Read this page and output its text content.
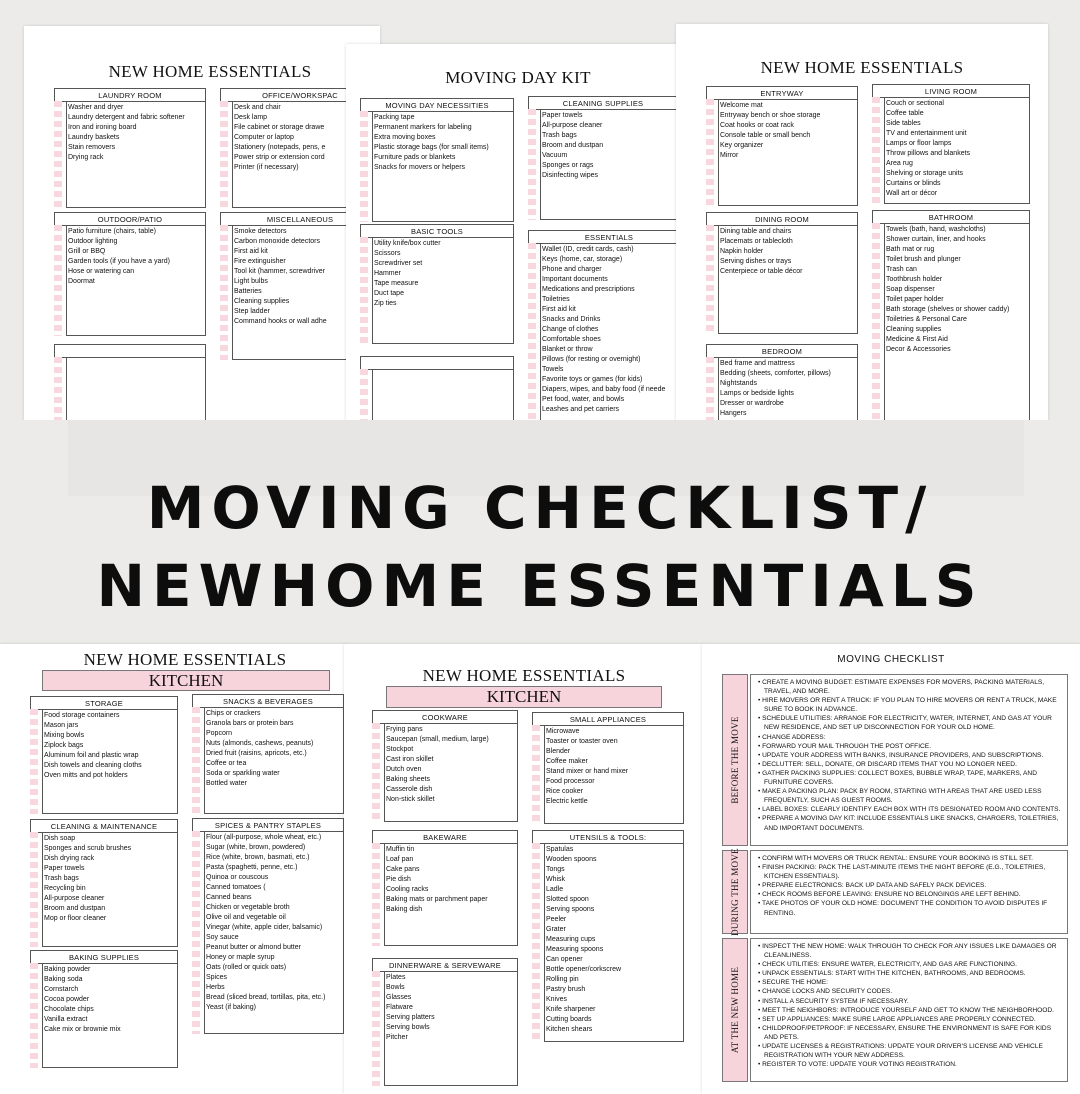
NEW HOME ESSENTIALS
LAUNDRY ROOM
Washer and dryer
Laundry detergent and fabric softener
Iron and ironing board
Laundry baskets
Stain removers
Drying rack
OFFICE/WORKSPAC
Desk and chair
Desk lamp
File cabinet or storage drawe
Computer or laptop
Stationery (notepads, pens, e
Power strip or extension cord
Printer (if necessary)
OUTDOOR/PATIO
Patio furniture (chairs, table)
Outdoor lighting
Grill or BBQ
Garden tools (if you have a yard)
Hose or watering can
Doormat
MISCELLANEOUS
Smoke detectors
Carbon monoxide detectors
First aid kit
Fire extinguisher
Tool kit (hammer, screwdriver
Light bulbs
Batteries
Cleaning supplies
Step ladder
Command hooks or wall adhe
MOVING DAY KIT
MOVING DAY NECESSITIES
Packing tape
Permanent markers for labeling
Extra moving boxes
Plastic storage bags (for small items)
Furniture pads or blankets
Snacks for movers or helpers
CLEANING SUPPLIES
Paper towels
All-purpose cleaner
Trash bags
Broom and dustpan
Vacuum
Sponges or rags
Disinfecting wipes
BASIC TOOLS
Utility knife/box cutter
Scissors
Screwdriver set
Hammer
Tape measure
Duct tape
Zip ties
ESSENTIALS
Wallet (ID, credit cards, cash)
Keys (home, car, storage)
Phone and charger
Important documents
Medications and prescriptions
Toiletries
First aid kit
Snacks and Drinks
Change of clothes
Comfortable shoes
Blanket or throw
Pillows (for resting or overnight)
Towels
Favorite toys or games (for kids)
Diapers, wipes, and baby food (if neede
Pet food, water, and bowls
Leashes and pet carriers
NEW HOME ESSENTIALS
ENTRYWAY
Welcome mat
Entryway bench or shoe storage
Coat hooks or coat rack
Console table or small bench
Key organizer
Mirror
LIVING ROOM
Couch or sectional
Coffee table
Side tables
TV and entertainment unit
Lamps or floor lamps
Throw pillows and blankets
Area rug
Shelving or storage units
Curtains or blinds
Wall art or décor
DINING ROOM
Dining table and chairs
Placemats or tablecloth
Napkin holder
Serving dishes or trays
Centerpiece or table décor
BATHROOM
Towels (bath, hand, washcloths)
Shower curtain, liner, and hooks
Bath mat or rug
Toilet brush and plunger
Trash can
Toothbrush holder
Soap dispenser
Toilet paper holder
Bath storage (shelves or shower caddy)
Toiletries & Personal Care
Cleaning supplies
Medicine & First Aid
Decor & Accessories
BEDROOM
Bed frame and mattress
Bedding (sheets, comforter, pillows)
Nightstands
Lamps or bedside lights
Dresser or wardrobe
Hangers
MOVING CHECKLIST/
NEWHOME ESSENTIALS
NEW HOME ESSENTIALS
KITCHEN
STORAGE
Food storage containers
Mason jars
Mixing bowls
Ziplock bags
Aluminum foil and plastic wrap
Dish towels and cleaning cloths
Oven mitts and pot holders
SNACKS & BEVERAGES
Chips or crackers
Granola bars or protein bars
Popcorn
Nuts (almonds, cashews, peanuts)
Dried fruit (raisins, apricots, etc.)
Coffee or tea
Soda or sparkling water
Bottled water
CLEANING & MAINTENANCE
Dish soap
Sponges and scrub brushes
Dish drying rack
Paper towels
Trash bags
Recycling bin
All-purpose cleaner
Broom and dustpan
Mop or floor cleaner
SPICES & PANTRY STAPLES
Flour (all-purpose, whole wheat, etc.)
Sugar (white, brown, powdered)
Rice (white, brown, basmati, etc.)
Pasta (spaghetti, penne, etc.)
Quinoa or couscous
Canned tomatoes (
Canned beans
Chicken or vegetable broth
Olive oil and vegetable oil
Vinegar (white, apple cider, balsamic)
Soy sauce
Peanut butter or almond butter
Honey or maple syrup
Oats (rolled or quick oats)
Spices
Herbs
Bread (sliced bread, tortillas, pita, etc.)
Yeast (if baking)
BAKING SUPPLIES
Baking powder
Baking soda
Cornstarch
Cocoa powder
Chocolate chips
Vanilla extract
Cake mix or brownie mix
NEW HOME ESSENTIALS
KITCHEN
COOKWARE
Frying pans
Saucepan (small, medium, large)
Stockpot
Cast iron skillet
Dutch oven
Baking sheets
Casserole dish
Non-stick skillet
SMALL APPLIANCES
Microwave
Toaster or toaster oven
Blender
Coffee maker
Stand mixer or hand mixer
Food processor
Rice cooker
Electric kettle
BAKEWARE
Muffin tin
Loaf pan
Cake pans
Pie dish
Cooling racks
Baking mats or parchment paper
Baking dish
UTENSILS & TOOLS:
Spatulas
Wooden spoons
Tongs
Whisk
Ladle
Slotted spoon
Serving spoons
Peeler
Grater
Measuring cups
Measuring spoons
Can opener
Bottle opener/corkscrew
Rolling pin
Pastry brush
Knives
Knife sharpener
Cutting boards
Kitchen shears
DINNERWARE & SERVEWARE
Plates
Bowls
Glasses
Flatware
Serving platters
Serving bowls
Pitcher
MOVING CHECKLIST
BEFORE THE MOVE
• CREATE A MOVING BUDGET: ESTIMATE EXPENSES FOR MOVERS, PACKING MATERIALS, TRAVEL, AND MORE.
• HIRE MOVERS OR RENT A TRUCK: IF YOU PLAN TO HIRE MOVERS OR RENT A TRUCK, MAKE SURE TO BOOK IN ADVANCE.
• SCHEDULE UTILITIES: ARRANGE FOR ELECTRICITY, WATER, INTERNET, AND GAS AT YOUR NEW RESIDENCE, AND SET UP DISCONNECTION FOR YOUR OLD HOME.
• CHANGE ADDRESS:
• FORWARD YOUR MAIL THROUGH THE POST OFFICE.
• UPDATE YOUR ADDRESS WITH BANKS, INSURANCE PROVIDERS, AND SUBSCRIPTIONS.
• DECLUTTER: SELL, DONATE, OR DISCARD ITEMS THAT YOU NO LONGER NEED.
• GATHER PACKING SUPPLIES: COLLECT BOXES, BUBBLE WRAP, TAPE, MARKERS, AND FURNITURE COVERS.
• MAKE A PACKING PLAN: PACK BY ROOM, STARTING WITH AREAS THAT ARE USED LESS FREQUENTLY, SUCH AS GUEST ROOMS.
• LABEL BOXES: CLEARLY IDENTIFY EACH BOX WITH ITS DESIGNATED ROOM AND CONTENTS.
• PREPARE A MOVING DAY KIT: INCLUDE ESSENTIALS LIKE SNACKS, CHARGERS, TOILETRIES, AND IMPORTANT DOCUMENTS.
DURING THE MOVE
•	CONFIRM WITH MOVERS OR TRUCK RENTAL: ENSURE YOUR BOOKING IS STILL SET.
• FINISH PACKING: PACK THE LAST-MINUTE ITEMS THE NIGHT BEFORE (E.G., TOILETRIES, KITCHEN ESSENTIALS).
• PREPARE ELECTRONICS: BACK UP DATA AND SAFELY PACK DEVICES.
• CHECK ROOMS BEFORE LEAVING: ENSURE NO BELONGINGS ARE LEFT BEHIND.
• TAKE PHOTOS OF YOUR OLD HOME: DOCUMENT THE CONDITION TO AVOID DISPUTES IF RENTING.
AT THE NEW HOME
• INSPECT THE NEW HOME: WALK THROUGH TO CHECK FOR ANY ISSUES LIKE DAMAGES OR CLEANLINESS.
• CHECK UTILITIES: ENSURE WATER, ELECTRICITY, AND GAS ARE FUNCTIONING.
• UNPACK ESSENTIALS: START WITH THE KITCHEN, BATHROOMS, AND BEDROOMS.
• SECURE THE HOME:
• CHANGE LOCKS AND SECURITY CODES.
• INSTALL A SECURITY SYSTEM IF NECESSARY.
• MEET THE NEIGHBORS: INTRODUCE YOURSELF AND GET TO KNOW THE NEIGHBORHOOD.
• SET UP APPLIANCES: MAKE SURE LARGE APPLIANCES ARE PROPERLY CONNECTED.
• CHILDPROOF/PETPROOF: IF NECESSARY, ENSURE THE ENVIRONMENT IS SAFE FOR KIDS AND PETS.
• UPDATE LICENSES & REGISTRATIONS: UPDATE YOUR DRIVER'S LICENSE AND VEHICLE REGISTRATION WITH YOUR NEW ADDRESS.
• REGISTER TO VOTE: UPDATE YOUR VOTING REGISTRATION.
